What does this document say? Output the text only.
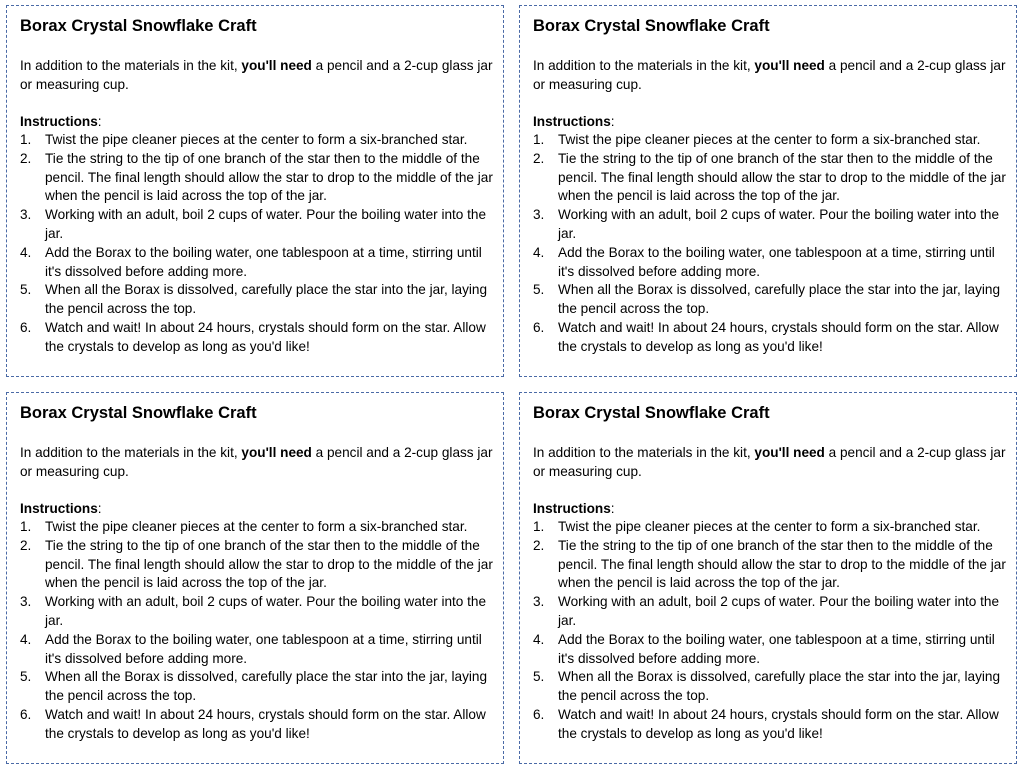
Borax Crystal Snowflake Craft
In addition to the materials in the kit, you'll need a pencil and a 2-cup glass jar or measuring cup.
Instructions:
1. Twist the pipe cleaner pieces at the center to form a six-branched star.
2. Tie the string to the tip of one branch of the star then to the middle of the pencil. The final length should allow the star to drop to the middle of the jar when the pencil is laid across the top of the jar.
3. Working with an adult, boil 2 cups of water. Pour the boiling water into the jar.
4. Add the Borax to the boiling water, one tablespoon at a time, stirring until it's dissolved before adding more.
5. When all the Borax is dissolved, carefully place the star into the jar, laying the pencil across the top.
6. Watch and wait! In about 24 hours, crystals should form on the star. Allow the crystals to develop as long as you'd like!
Borax Crystal Snowflake Craft
In addition to the materials in the kit, you'll need a pencil and a 2-cup glass jar or measuring cup.
Instructions:
1. Twist the pipe cleaner pieces at the center to form a six-branched star.
2. Tie the string to the tip of one branch of the star then to the middle of the pencil. The final length should allow the star to drop to the middle of the jar when the pencil is laid across the top of the jar.
3. Working with an adult, boil 2 cups of water. Pour the boiling water into the jar.
4. Add the Borax to the boiling water, one tablespoon at a time, stirring until it's dissolved before adding more.
5. When all the Borax is dissolved, carefully place the star into the jar, laying the pencil across the top.
6. Watch and wait! In about 24 hours, crystals should form on the star. Allow the crystals to develop as long as you'd like!
Borax Crystal Snowflake Craft
In addition to the materials in the kit, you'll need a pencil and a 2-cup glass jar or measuring cup.
Instructions:
1. Twist the pipe cleaner pieces at the center to form a six-branched star.
2. Tie the string to the tip of one branch of the star then to the middle of the pencil. The final length should allow the star to drop to the middle of the jar when the pencil is laid across the top of the jar.
3. Working with an adult, boil 2 cups of water. Pour the boiling water into the jar.
4. Add the Borax to the boiling water, one tablespoon at a time, stirring until it's dissolved before adding more.
5. When all the Borax is dissolved, carefully place the star into the jar, laying the pencil across the top.
6. Watch and wait! In about 24 hours, crystals should form on the star. Allow the crystals to develop as long as you'd like!
Borax Crystal Snowflake Craft
In addition to the materials in the kit, you'll need a pencil and a 2-cup glass jar or measuring cup.
Instructions:
1. Twist the pipe cleaner pieces at the center to form a six-branched star.
2. Tie the string to the tip of one branch of the star then to the middle of the pencil. The final length should allow the star to drop to the middle of the jar when the pencil is laid across the top of the jar.
3. Working with an adult, boil 2 cups of water. Pour the boiling water into the jar.
4. Add the Borax to the boiling water, one tablespoon at a time, stirring until it's dissolved before adding more.
5. When all the Borax is dissolved, carefully place the star into the jar, laying the pencil across the top.
6. Watch and wait! In about 24 hours, crystals should form on the star. Allow the crystals to develop as long as you'd like!
